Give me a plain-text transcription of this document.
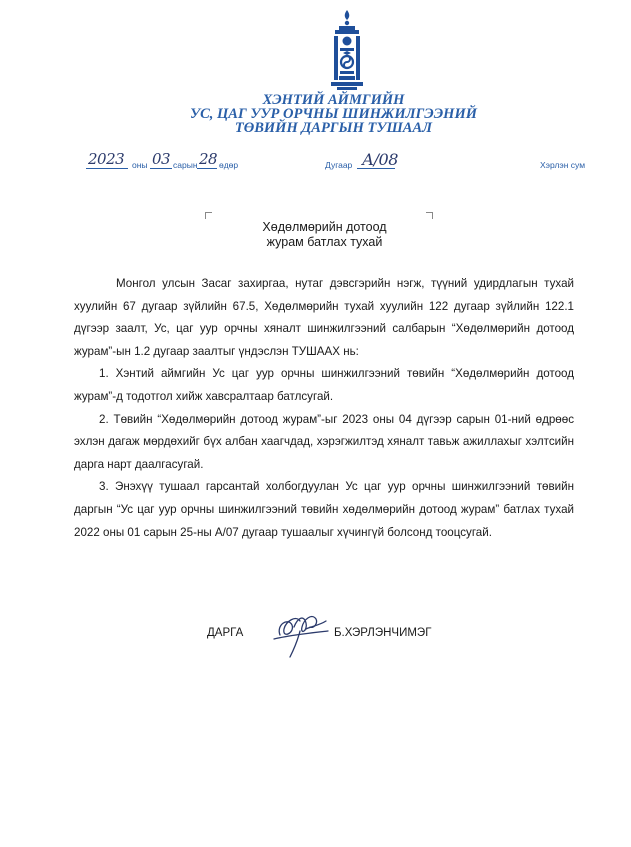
ХЭНТИЙ АЙМГИЙН
УС, ЦАГ УУР ОРЧНЫ ШИНЖИЛГЭЭНИЙ
ТӨВИЙН ДАРГЫН ТУШААЛ
2023 оны 03 сарын 28 өдөр	Дугаар А/08	Хэрлэн сум
Хөдөлмөрийн дотоод
журам батлах тухай

Монгол улсын Засаг захиргаа, нутаг дэвсгэрийн нэгж, түүний удирдлагын тухай хуулийн 67 дугаар зүйлийн 67.5, Хөдөлмөрийн тухай хуулийн 122 дугаар зүйлийн 122.1 дүгээр заалт, Ус, цаг уур орчны хяналт шинжилгээний салбарын “Хөдөлмөрийн дотоод журам”-ын 1.2 дугаар заалтыг үндэслэн ТУШААХ нь:

1. Хэнтий аймгийн Ус цаг уур орчны шинжилгээний төвийн “Хөдөлмөрийн дотоод журам”-д тодотгол хийж хавсралтаар батлсугай.

2. Төвийн “Хөдөлмөрийн дотоод журам”-ыг 2023 оны 04 дүгээр сарын 01-ний өдрөөс эхлэн дагаж мөрдөхийг бүх албан хаагчдад, хэрэгжилтэд хяналт тавьж ажиллахыг хэлтсийн дарга нарт даалгасугай.

3. Энэхүү тушаал гарсантай холбогдуулан Ус цаг уур орчны шинжилгээний төвийн даргын “Ус цаг уур орчны шинжилгээний төвийн хөдөлмөрийн дотоод журам” батлах тухай 2022 оны 01 сарын 25-ны А/07 дугаар тушаалыг хүчингүй болсонд тооцсугай.

ДАРГА	Б.ХЭРЛЭНЧИМЭГ
